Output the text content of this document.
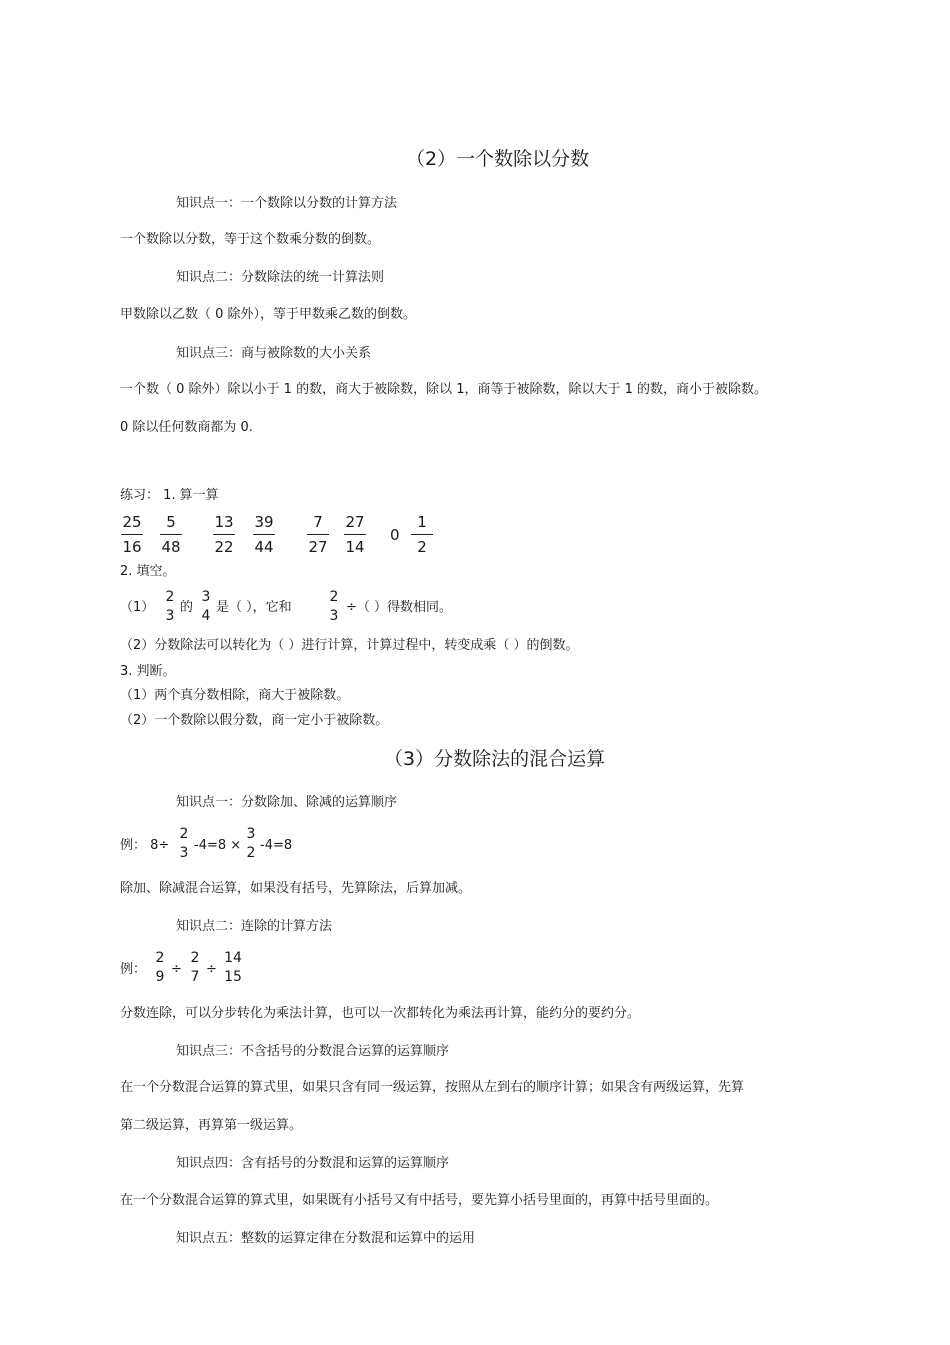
（2）一个数除以分数
知识点一：一个数除以分数的计算方法
一个数除以分数，等于这个数乘分数的倒数。
知识点二：分数除法的统一计算法则
甲数除以乙数（ 0 除外），等于甲数乘乙数的倒数。
知识点三：商与被除数的大小关系
一个数（ 0 除外）除以小于 1 的数，商大于被除数，除以 1，商等于被除数，除以大于 1 的数，商小于被除数。
0 除以任何数商都为 0.
练习： 1. 算一算
25
16
5
48
13
22
39
44
7
27
27
14
0
1
2
2. 填空。
（1）
2
3
的
3
4
是（ ），它和
2
3
÷（ ）得数相同。
（2）分数除法可以转化为（ ）进行计算，计算过程中，转变成乘（ ）的倒数。
3. 判断。
（1）两个真分数相除，商大于被除数。
（2）一个数除以假分数，商一定小于被除数。
（3）分数除法的混合运算
知识点一：分数除加、除减的运算顺序
例： 8÷
2
3 -4=8 ×
3
2 -4=8
除加、除减混合运算，如果没有括号，先算除法，后算加减。
知识点二：连除的计算方法
例：
2
9 ÷
2
7 ÷
14
15
分数连除，可以分步转化为乘法计算，也可以一次都转化为乘法再计算，能约分的要约分。
知识点三：不含括号的分数混合运算的运算顺序
在一个分数混合运算的算式里，如果只含有同一级运算，按照从左到右的顺序计算；如果含有两级运算，先算
第二级运算，再算第一级运算。
知识点四：含有括号的分数混和运算的运算顺序
在一个分数混合运算的算式里，如果既有小括号又有中括号，要先算小括号里面的，再算中括号里面的。
知识点五：整数的运算定律在分数混和运算中的运用
